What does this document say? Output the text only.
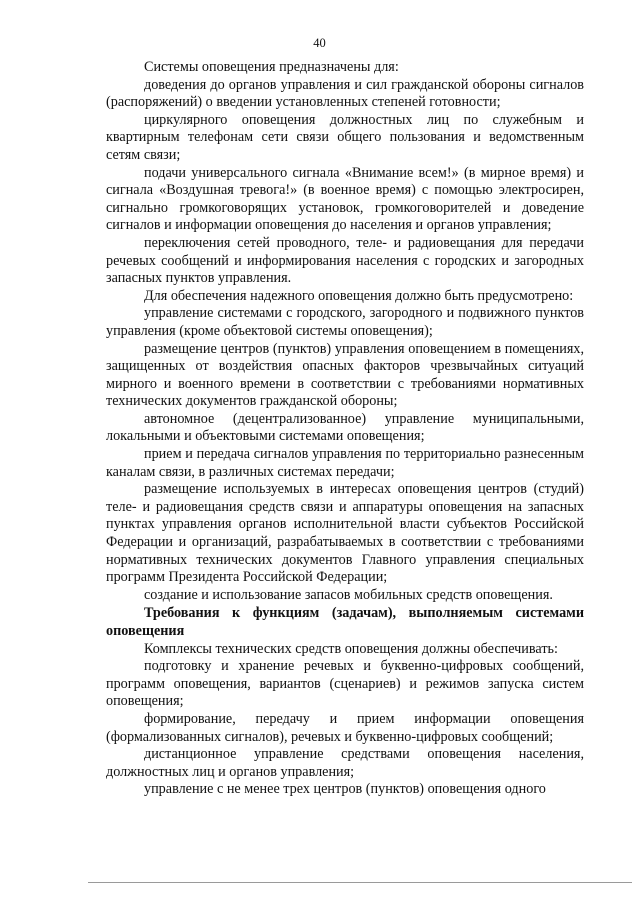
40

Системы оповещения предназначены для:

доведения до органов управления и сил гражданской обороны сигналов (распоряжений) о введении установленных степеней готовности;

циркулярного оповещения должностных лиц по служебным и квартирным телефонам сети связи общего пользования и ведомственным сетям связи;

подачи универсального сигнала «Внимание всем!» (в мирное время) и сигнала «Воздушная тревога!» (в военное время) с помощью электросирен, сигнально громкоговорящих установок, громкоговорителей и доведение сигналов и информации оповещения до населения и органов управления;

переключения сетей проводного, теле- и радиовещания для передачи речевых сообщений и информирования населения с городских и загородных запасных пунктов управления.

Для обеспечения надежного оповещения должно быть предусмотрено:

управление системами с городского, загородного и подвижного пунктов управления (кроме объектовой системы оповещения);

размещение центров (пунктов) управления оповещением в помещениях, защищенных от воздействия опасных факторов чрезвычайных ситуаций мирного и военного времени в соответствии с требованиями нормативных технических документов гражданской обороны;

автономное (децентрализованное) управление муниципальными, локальными и объектовыми системами оповещения;

прием и передача сигналов управления по территориально разнесенным каналам связи, в различных системах передачи;

размещение используемых в интересах оповещения центров (студий) теле- и радиовещания средств связи и аппаратуры оповещения на запасных пунктах управления органов исполнительной власти субъектов Российской Федерации и организаций, разрабатываемых в соответствии с требованиями нормативных технических документов Главного управления специальных программ Президента Российской Федерации;

создание и использование запасов мобильных средств оповещения.

Требования к функциям (задачам), выполняемым системами оповещения

Комплексы технических средств оповещения должны обеспечивать:

подготовку и хранение речевых и буквенно-цифровых сообщений, программ оповещения, вариантов (сценариев) и режимов запуска систем оповещения;

формирование, передачу и прием информации оповещения (формализованных сигналов), речевых и буквенно-цифровых сообщений;

дистанционное управление средствами оповещения населения, должностных лиц и органов управления;

управление с не менее трех центров (пунктов) оповещения одного
